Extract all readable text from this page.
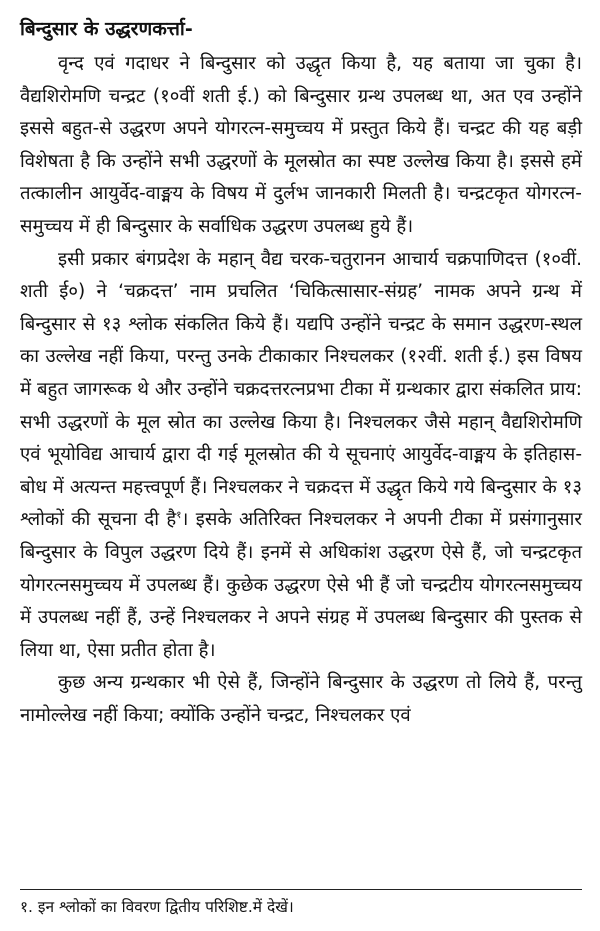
बिन्दुसार के उद्धरणकर्त्ता-

वृन्द एवं गदाधर ने बिन्दुसार को उद्धृत किया है, यह बताया जा चुका है। वैद्यशिरोमणि चन्द्रट (१०वीं शती ई.) को बिन्दुसार ग्रन्थ उपलब्ध था, अत एव उन्होंने इससे बहुत-से उद्धरण अपने योगरत्न-समुच्चय में प्रस्तुत किये हैं। चन्द्रट की यह बड़ी विशेषता है कि उन्होंने सभी उद्धरणों के मूलस्रोत का स्पष्ट उल्लेख किया है। इससे हमें तत्कालीन आयुर्वेद-वाङ्मय के विषय में दुर्लभ जानकारी मिलती है। चन्द्रटकृत योगरत्न-समुच्चय में ही बिन्दुसार के सर्वाधिक उद्धरण उपलब्ध हुये हैं।

इसी प्रकार बंगप्रदेश के महान् वैद्य चरक-चतुरानन आचार्य चक्रपाणिदत्त (१०वीं. शती ई०) ने ‘चक्रदत्त’ नाम प्रचलित ‘चिकित्सासार-संग्रह’ नामक अपने ग्रन्थ में बिन्दुसार से १३ श्लोक संकलित किये हैं। यद्यपि उन्होंने चन्द्रट के समान उद्धरण-स्थल का उल्लेख नहीं किया, परन्तु उनके टीकाकार निश्चलकर (१२वीं. शती ई.) इस विषय में बहुत जागरूक थे और उन्होंने चक्रदत्तरत्नप्रभा टीका में ग्रन्थकार द्वारा संकलित प्राय: सभी उद्धरणों के मूल स्रोत का उल्लेख किया है। निश्चलकर जैसे महान् वैद्यशिरोमणि एवं भूयोविद्य आचार्य द्वारा दी गई मूलस्रोत की ये सूचनाएं आयुर्वेद-वाङ्मय के इतिहास-बोध में अत्यन्त महत्त्वपूर्ण हैं। निश्चलकर ने चक्रदत्त में उद्धृत किये गये बिन्दुसार के १३ श्लोकों की सूचना दी है$^१$। इसके अतिरिक्त निश्चलकर ने अपनी टीका में प्रसंगानुसार बिन्दुसार के विपुल उद्धरण दिये हैं। इनमें से अधिकांश उद्धरण ऐसे हैं, जो चन्द्रटकृत योगरत्नसमुच्चय में उपलब्ध हैं। कुछेक उद्धरण ऐसे भी हैं जो चन्द्रटीय योगरत्नसमुच्चय में उपलब्ध नहीं हैं, उन्हें निश्चलकर ने अपने संग्रह में उपलब्ध बिन्दुसार की पुस्तक से लिया था, ऐसा प्रतीत होता है।

कुछ अन्य ग्रन्थकार भी ऐसे हैं, जिन्होंने बिन्दुसार के उद्धरण तो लिये हैं, परन्तु नामोल्लेख नहीं किया; क्योंकि उन्होंने चन्द्रट, निश्चलकर एवं

१. इन श्लोकों का विवरण द्वितीय परिशिष्ट.में देखें।
